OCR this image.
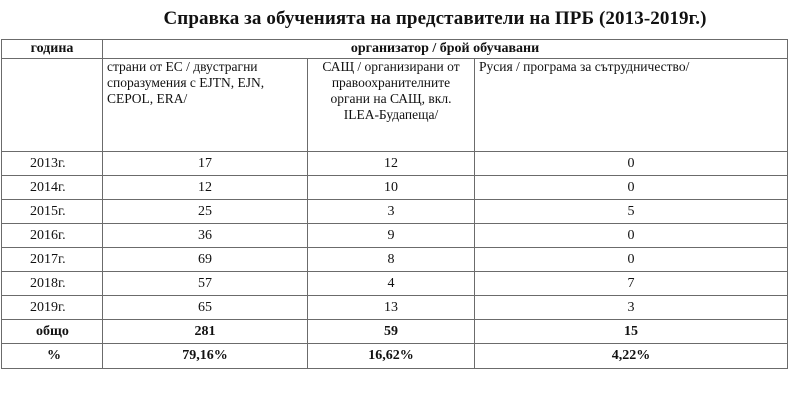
Справка за обученията на представители на ПРБ (2013-2019г.)
година	организатор / брой обучавани		
	страни от ЕС / двустрагни споразумения с EJTN, EJN, CEPOL, ERA/	САЩ / организирани от правоохранителните органи на САЩ, вкл. ILEA-Будапеща/	Русия / програма за сътрудничество/
2013г.	17	12	0
2014г.	12	10	0
2015г.	25	3	5
2016г.	36	9	0
2017г.	69	8	0
2018г.	57	4	7
2019г.	65	13	3
общо	281	59	15
%	79,16%	16,62%	4,22%
